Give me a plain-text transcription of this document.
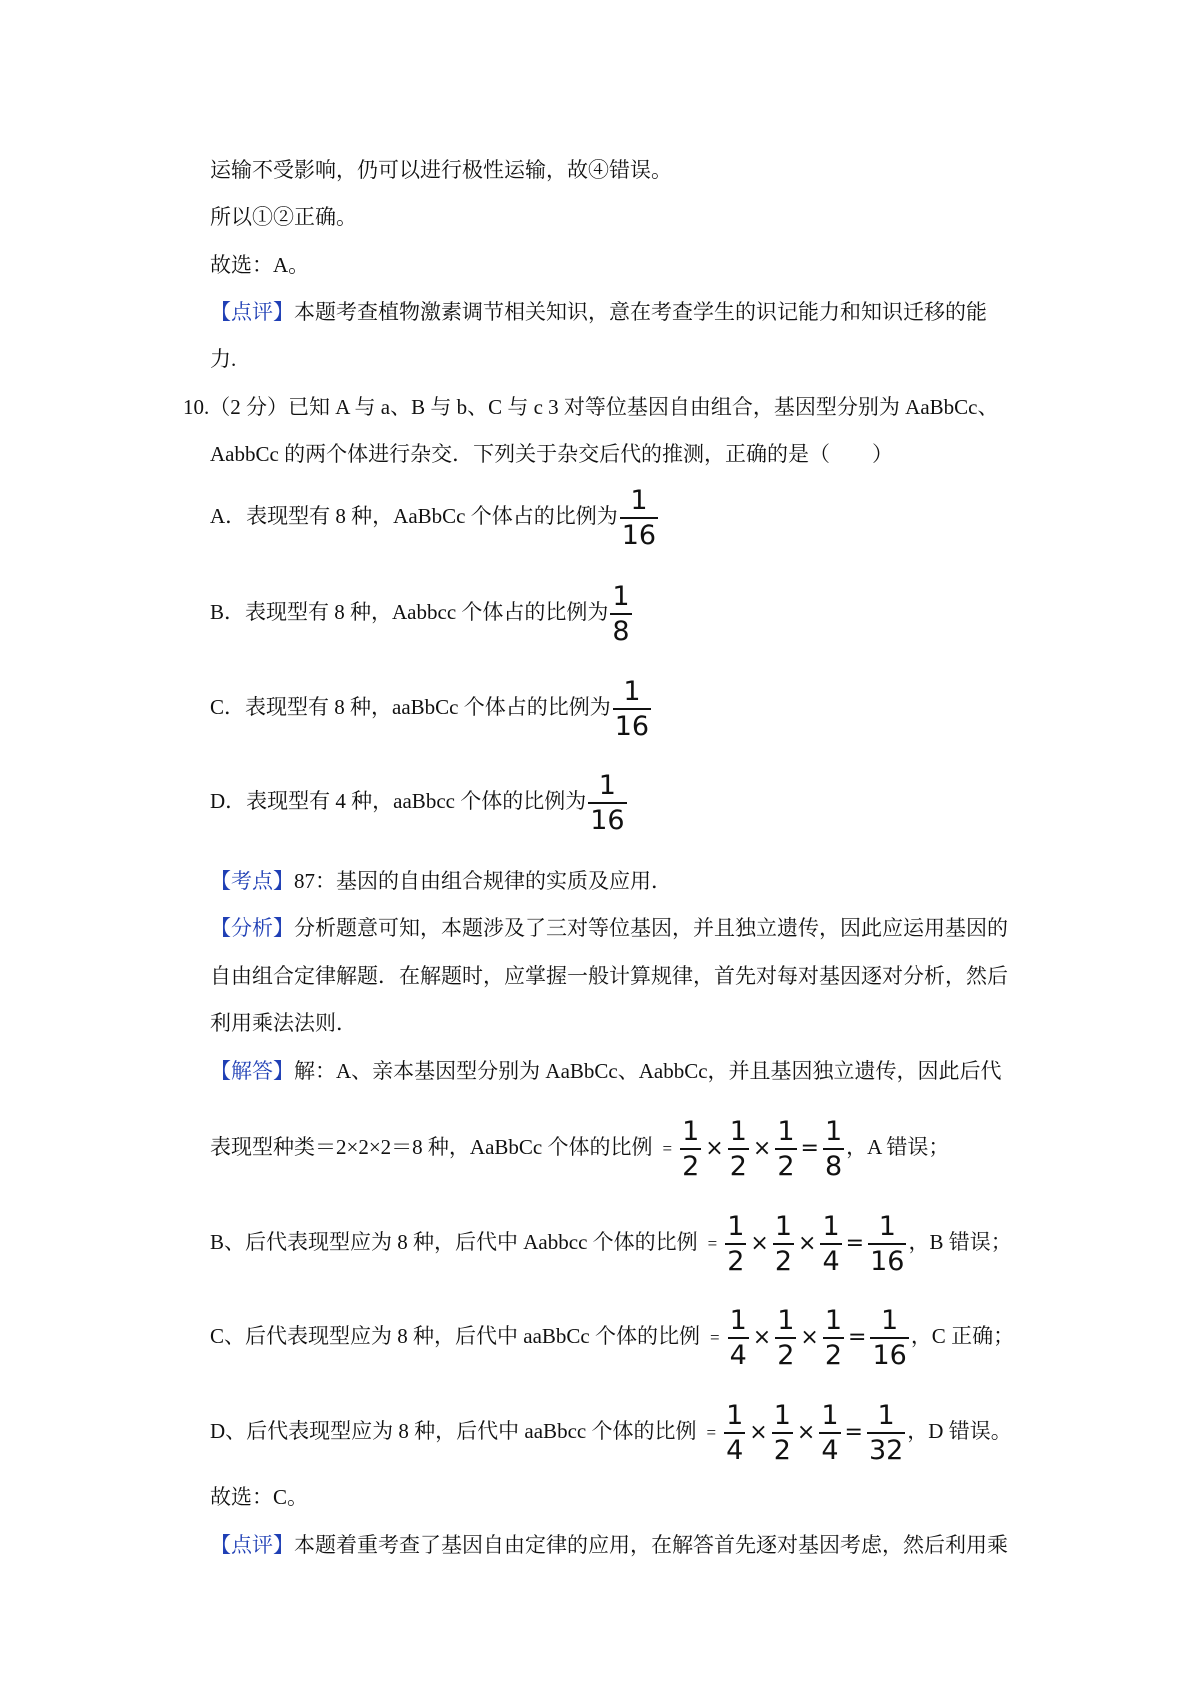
运输不受影响，仍可以进行极性运输，故④错误。
所以①②正确。
故选：A。
【点评】本题考查植物激素调节相关知识，意在考查学生的识记能力和知识迁移的能
力.
10.（2 分）已知 A 与 a、B 与 b、C 与 c 3 对等位基因自由组合，基因型分别为 AaBbCc、
AabbCc 的两个体进行杂交．下列关于杂交后代的推测，正确的是（　　）
A．表现型有 8 种，AaBbCc 个体占的比例为 $\frac{1}{16}$
B．表现型有 8 种，Aabbcc 个体占的比例为 $\frac{1}{8}$
C．表现型有 8 种，aaBbCc 个体占的比例为 $\frac{1}{16}$
D．表现型有 4 种，aaBbcc 个体的比例为 $\frac{1}{16}$
【考点】87：基因的自由组合规律的实质及应用．
【分析】分析题意可知，本题涉及了三对等位基因，并且独立遗传，因此应运用基因的
自由组合定律解题．在解题时，应掌握一般计算规律，首先对每对基因逐对分析，然后
利用乘法法则．
【解答】解：A、亲本基因型分别为 AaBbCc、AabbCc，并且基因独立遗传，因此后代
表现型种类＝2×2×2＝8 种，AaBbCc 个体的比例 = $\frac{1}{2} \times \frac{1}{2} \times \frac{1}{2} = \frac{1}{8}$ ，A 错误；
B、后代表现型应为 8 种，后代中 Aabbcc 个体的比例 = $\frac{1}{2} \times \frac{1}{2} \times \frac{1}{4} = \frac{1}{16}$ ，B 错误；
C、后代表现型应为 8 种，后代中 aaBbCc 个体的比例 = $\frac{1}{4} \times \frac{1}{2} \times \frac{1}{2} = \frac{1}{16}$ ，C 正确；
D、后代表现型应为 8 种，后代中 aaBbcc 个体的比例 = $\frac{1}{4} \times \frac{1}{2} \times \frac{1}{4} = \frac{1}{32}$ ，D 错误。
故选：C。
【点评】本题着重考查了基因自由定律的应用，在解答首先逐对基因考虑，然后利用乘
